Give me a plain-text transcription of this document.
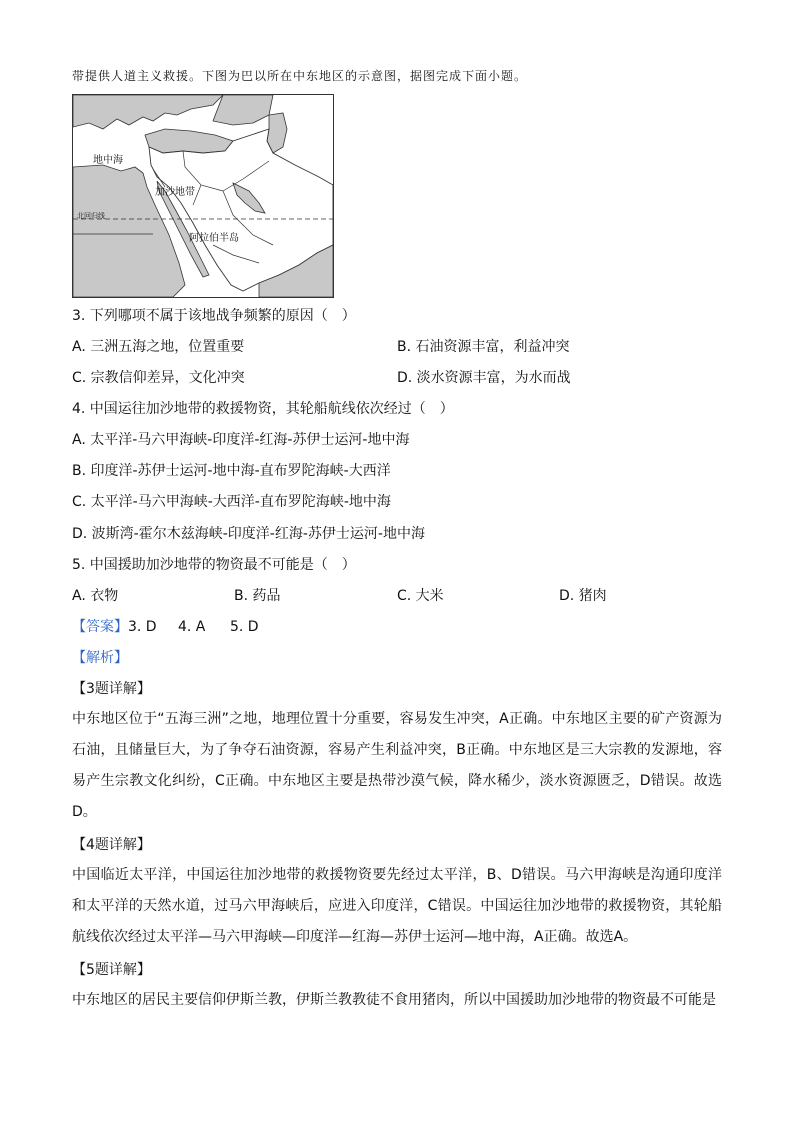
带提供人道主义救援。下图为巴以所在中东地区的示意图，据图完成下面小题。
地中海
加沙地带
北回归线
阿拉伯半岛
3. 下列哪项不属于该地战争频繁的原因（　）
A. 三洲五海之地，位置重要	B. 石油资源丰富，利益冲突
C. 宗教信仰差异，文化冲突	D. 淡水资源丰富，为水而战
4. 中国运往加沙地带的救援物资，其轮船航线依次经过（　）
A. 太平洋-马六甲海峡-印度洋-红海-苏伊士运河-地中海
B. 印度洋-苏伊士运河-地中海-直布罗陀海峡-大西洋
C. 太平洋-马六甲海峡-大西洋-直布罗陀海峡-地中海
D. 波斯湾-霍尔木兹海峡-印度洋-红海-苏伊士运河-地中海
5. 中国援助加沙地带的物资最不可能是（　）
A. 衣物	B. 药品	C. 大米	D. 猪肉
【答案】3. D 4. A 5. D
【解析】
【3题详解】
中东地区位于“五海三洲”之地，地理位置十分重要，容易发生冲突，A正确。中东地区主要的矿产资源为石油，且储量巨大，为了争夺石油资源，容易产生利益冲突，B正确。中东地区是三大宗教的发源地，容易产生宗教文化纠纷，C正确。中东地区主要是热带沙漠气候，降水稀少，淡水资源匮乏，D错误。故选D。
【4题详解】
中国临近太平洋，中国运往加沙地带的救援物资要先经过太平洋，B、D错误。马六甲海峡是沟通印度洋和太平洋的天然水道，过马六甲海峡后，应进入印度洋，C错误。中国运往加沙地带的救援物资，其轮船航线依次经过太平洋—马六甲海峡—印度洋—红海—苏伊士运河—地中海，A正确。故选A。
【5题详解】
中东地区的居民主要信仰伊斯兰教，伊斯兰教教徒不食用猪肉，所以中国援助加沙地带的物资最不可能是
